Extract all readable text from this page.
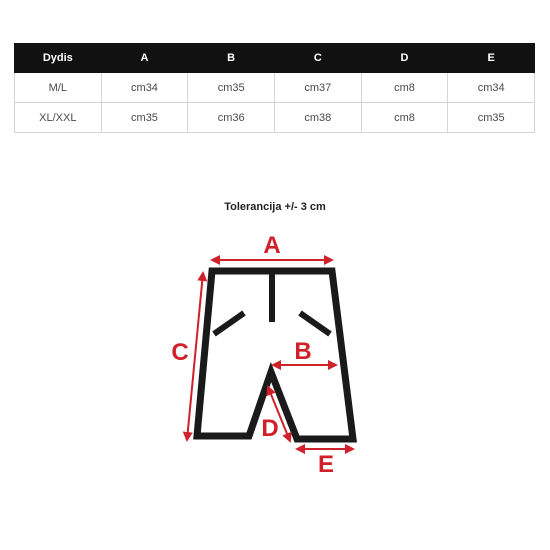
Dydis	A	B	C	D	E
M/L	cm34	cm35	cm37	cm8	cm34
XL/XXL	cm35	cm36	cm38	cm8	cm35
Tolerancija +/- 3 cm
A
B
C
D
E
